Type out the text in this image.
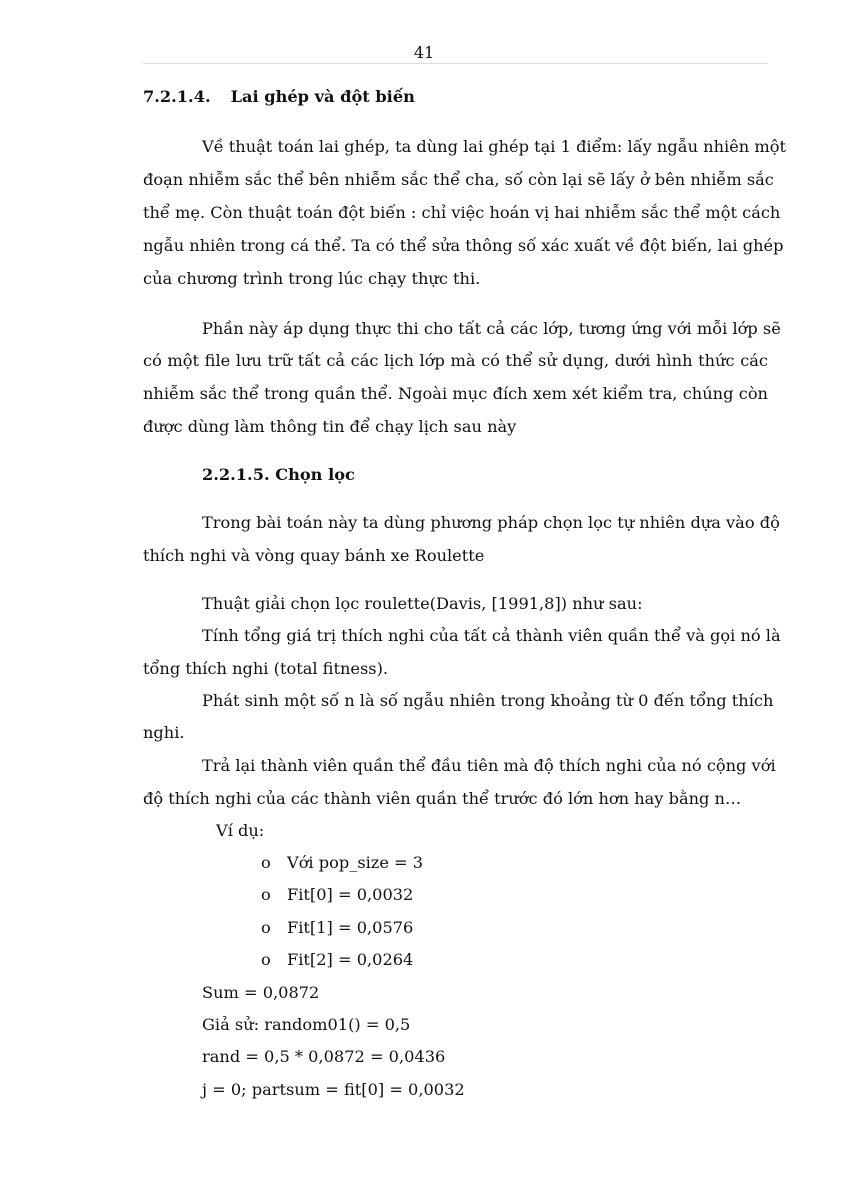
41
7.2.1.4. Lai ghép và đột biến
Về thuật toán lai ghép, ta dùng lai ghép tại 1 điểm: lấy ngẫu nhiên một
đoạn nhiễm sắc thể bên nhiễm sắc thể cha, số còn lại sẽ lấy ở bên nhiễm sắc
thể mẹ. Còn thuật toán đột biến : chỉ việc hoán vị hai nhiễm sắc thể một cách
ngẫu nhiên trong cá thể. Ta có thể sửa thông số xác xuất về đột biến, lai ghép
của chương trình trong lúc chạy thực thi.
Phần này áp dụng thực thi cho tất cả các lớp, tương ứng với mỗi lớp sẽ
có một file lưu trữ tất cả các lịch lớp mà có thể sử dụng, dưới hình thức các
nhiễm sắc thể trong quần thể. Ngoài mục đích xem xét kiểm tra, chúng còn
được dùng làm thông tin để chạy lịch sau này
2.2.1.5. Chọn lọc
Trong bài toán này ta dùng phương pháp chọn lọc tự nhiên dựa vào độ
thích nghi và vòng quay bánh xe Roulette
Thuật giải chọn lọc roulette(Davis, [1991,8]) như sau:
Tính tổng giá trị thích nghi của tất cả thành viên quần thể và gọi nó là
tổng thích nghi (total fitness).
Phát sinh một số n là số ngẫu nhiên trong khoảng từ 0 đến tổng thích
nghi.
Trả lại thành viên quần thể đầu tiên mà độ thích nghi của nó cộng với
độ thích nghi của các thành viên quần thể trước đó lớn hơn hay bằng n…
Ví dụ:
o Với pop_size = 3
o Fit[0] = 0,0032
o Fit[1] = 0,0576
o Fit[2] = 0,0264
Sum = 0,0872
Giả sử: random01() = 0,5
rand = 0,5 * 0,0872 = 0,0436
j = 0; partsum = fit[0] = 0,0032
